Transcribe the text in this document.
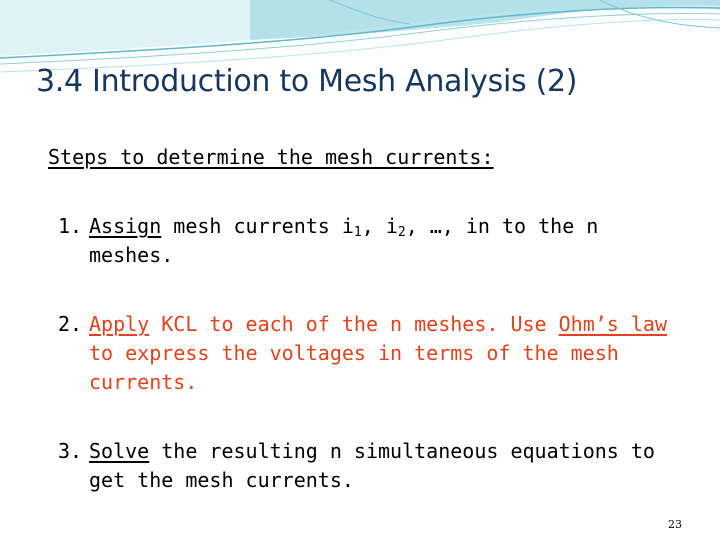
3.4 Introduction to Mesh Analysis (2)
Steps to determine the mesh currents:
1. Assign mesh currents $i_1$, $i_2$, …, in to the n meshes.
2. Apply KCL to each of the n meshes. Use Ohm’s law to express the voltages in terms of the mesh currents.
3. Solve the resulting n simultaneous equations to get the mesh currents.
23
